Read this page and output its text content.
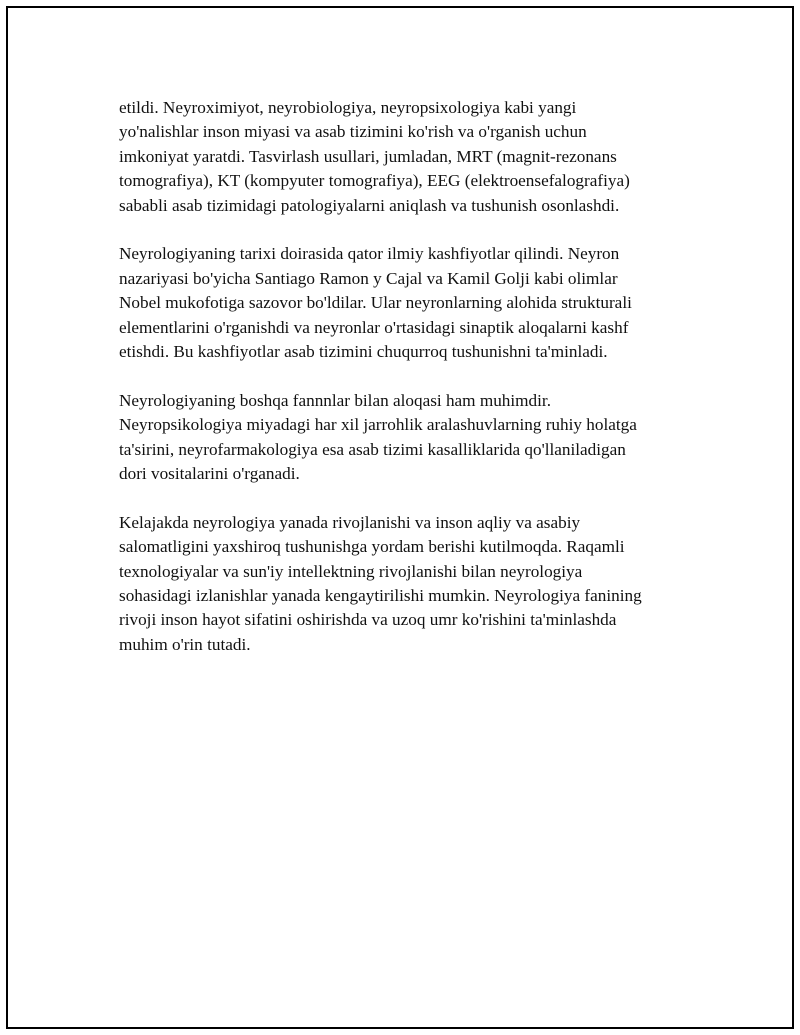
etildi. Neyroximiyot, neyrobiologiya, neyropsixologiya kabi yangi
yo'nalishlar inson miyasi va asab tizimini ko'rish va o'rganish uchun
imkoniyat yaratdi. Tasvirlash usullari, jumladan, MRT (magnit-rezonans
tomografiya), KT (kompyuter tomografiya), EEG (elektroensefalografiya)
sababli asab tizimidagi patologiyalarni aniqlash va tushunish osonlashdi.

Neyrologiyaning tarixi doirasida qator ilmiy kashfiyotlar qilindi. Neyron
nazariyasi bo'yicha Santiago Ramon y Cajal va Kamil Golji kabi olimlar
Nobel mukofotiga sazovor bo'ldilar. Ular neyronlarning alohida strukturali
elementlarini o'rganishdi va neyronlar o'rtasidagi sinaptik aloqalarni kashf
etishdi. Bu kashfiyotlar asab tizimini chuqurroq tushunishni ta'minladi.

Neyrologiyaning boshqa fannnlar bilan aloqasi ham muhimdir.
Neyropsikologiya miyadagi har xil jarrohlik aralashuvlarning ruhiy holatga
ta'sirini, neyrofarmakologiya esa asab tizimi kasalliklarida qo'llaniladigan
dori vositalarini o'rganadi.

Kelajakda neyrologiya yanada rivojlanishi va inson aqliy va asabiy
salomatligini yaxshiroq tushunishga yordam berishi kutilmoqda. Raqamli
texnologiyalar va sun'iy intellektning rivojlanishi bilan neyrologiya
sohasidagi izlanishlar yanada kengaytirilishi mumkin. Neyrologiya fanining
rivoji inson hayot sifatini oshirishda va uzoq umr ko'rishini ta'minlashda
muhim o'rin tutadi.
